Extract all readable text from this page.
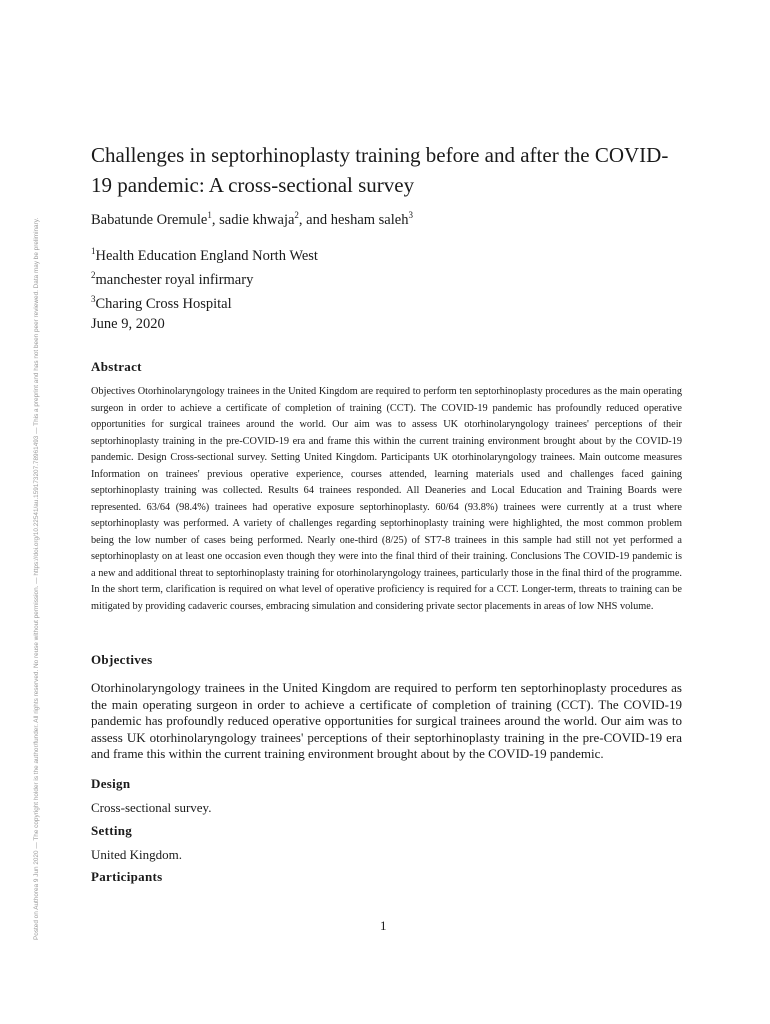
Posted on Authorea 9 Jun 2020 — The copyright holder is the author/funder. All rights reserved. No reuse without permission. — https://doi.org/10.22541/au.159173207.78961493 — This a preprint and has not been peer reviewed. Data may be preliminary.
Challenges in septorhinoplasty training before and after the COVID-19 pandemic: A cross-sectional survey

Babatunde Oremule$^1$, sadie khwaja$^2$, and hesham saleh$^3$

$^1$Health Education England North West
$^2$manchester royal infirmary
$^3$Charing Cross Hospital

June 9, 2020

Abstract

Objectives Otorhinolaryngology trainees in the United Kingdom are required to perform ten septorhinoplasty procedures as the main operating surgeon in order to achieve a certificate of completion of training (CCT). The COVID-19 pandemic has profoundly reduced operative opportunities for surgical trainees around the world. Our aim was to assess UK otorhinolaryngology trainees' perceptions of their septorhinoplasty training in the pre-COVID-19 era and frame this within the current training environment brought about by the COVID-19 pandemic. Design Cross-sectional survey. Setting United Kingdom. Participants UK otorhinolaryngology trainees. Main outcome measures Information on trainees' previous operative experience, courses attended, learning materials used and challenges faced gaining septorhinoplasty training was collected. Results 64 trainees responded. All Deaneries and Local Education and Training Boards were represented. 63/64 (98.4%) trainees had operative exposure septorhinoplasty. 60/64 (93.8%) trainees were currently at a trust where septorhinoplasty was performed. A variety of challenges regarding septorhinoplasty training were highlighted, the most common problem being the low number of cases being performed. Nearly one-third (8/25) of ST7-8 trainees in this sample had still not yet performed a septorhinoplasty on at least one occasion even though they were into the final third of their training. Conclusions The COVID-19 pandemic is a new and additional threat to septorhinoplasty training for otorhinolaryngology trainees, particularly those in the final third of the programme. In the short term, clarification is required on what level of operative proficiency is required for a CCT. Longer-term, threats to training can be mitigated by providing cadaveric courses, embracing simulation and considering private sector placements in areas of low NHS volume.

Objectives

Otorhinolaryngology trainees in the United Kingdom are required to perform ten septorhinoplasty procedures as the main operating surgeon in order to achieve a certificate of completion of training (CCT). The COVID-19 pandemic has profoundly reduced operative opportunities for surgical trainees around the world. Our aim was to assess UK otorhinolaryngology trainees' perceptions of their septorhinoplasty training in the pre-COVID-19 era and frame this within the current training environment brought about by the COVID-19 pandemic.

Design

Cross-sectional survey.

Setting

United Kingdom.

Participants
1
